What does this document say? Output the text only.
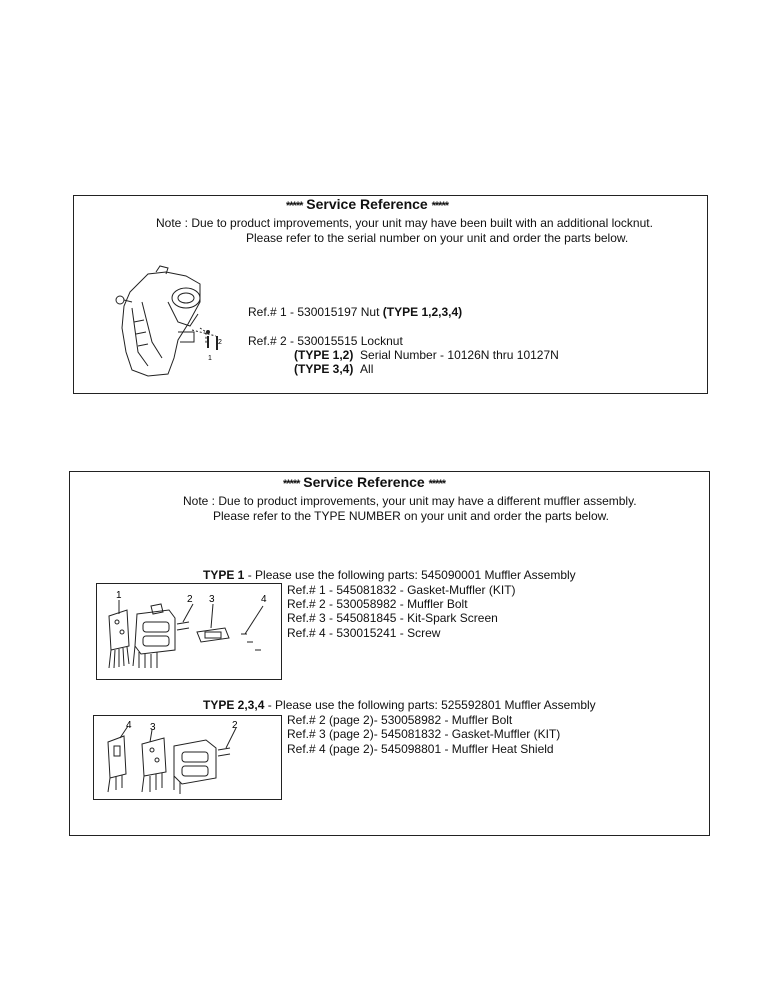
***** Service Reference *****
Note : Due to product improvements, your unit may have been built with an additional locknut.
Please refer to the serial number on your unit and order the parts below.
1
2
Ref.# 1 - 530015197 Nut (TYPE 1,2,3,4)
Ref.# 2 - 530015515 Locknut
(TYPE 1,2) Serial Number - 10126N thru 10127N
(TYPE 3,4) All
***** Service Reference *****
Note : Due to product improvements, your unit may have a different muffler assembly.
Please refer to the TYPE NUMBER on your unit and order the parts below.
TYPE 1 - Please use the following parts: 545090001 Muffler Assembly
Ref.# 1 - 545081832 - Gasket-Muffler (KIT)
Ref.# 2 - 530058982 - Muffler Bolt
Ref.# 3 - 545081845 - Kit-Spark Screen
Ref.# 4 - 530015241 - Screw
1	2 3	4
TYPE 2,3,4 - Please use the following parts: 525592801 Muffler Assembly
Ref.# 2 (page 2)- 530058982 - Muffler Bolt
Ref.# 3 (page 2)- 545081832 - Gasket-Muffler (KIT)
Ref.# 4 (page 2)- 545098801 - Muffler Heat Shield
4 3	2
